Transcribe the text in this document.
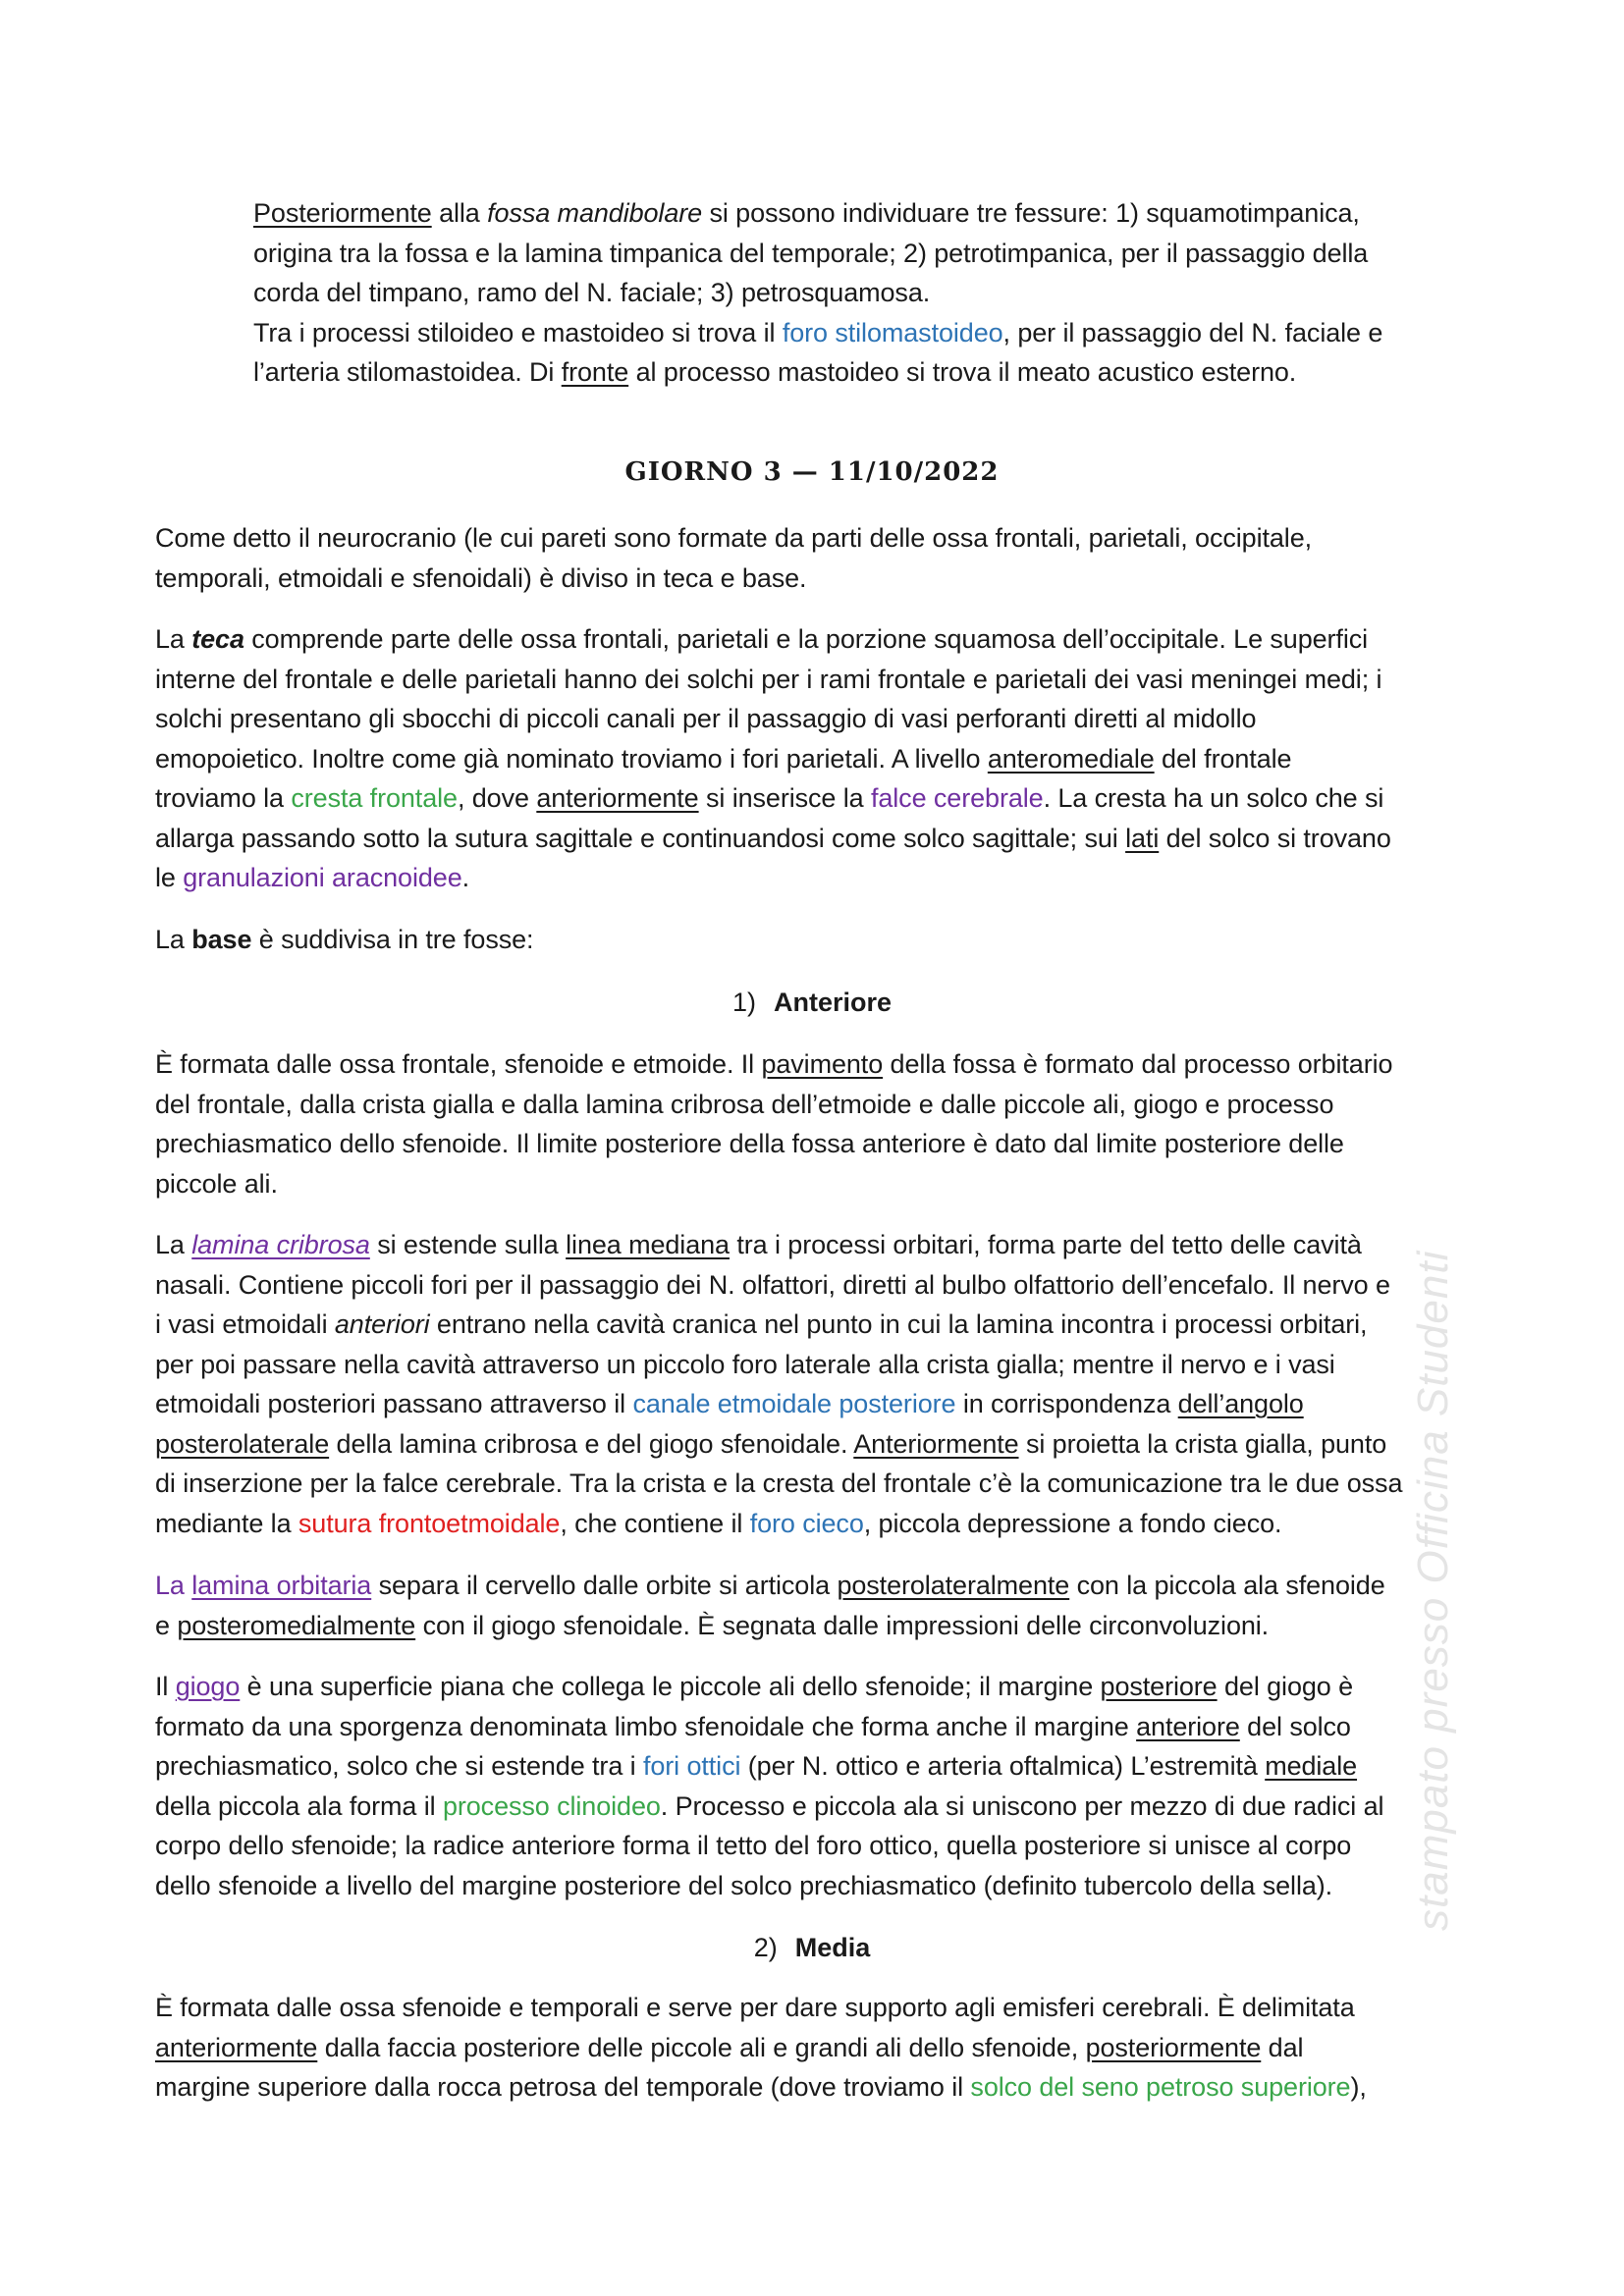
stampato presso Officina Studenti
Posteriormente alla fossa mandibolare si possono individuare tre fessure: 1) squamotimpanica,
origina tra la fossa e la lamina timpanica del temporale; 2) petrotimpanica, per il passaggio della
corda del timpano, ramo del N. faciale; 3) petrosquamosa.
Tra i processi stiloideo e mastoideo si trova il foro stilomastoideo, per il passaggio del N. faciale e
l’arteria stilomastoidea. Di fronte al processo mastoideo si trova il meato acustico esterno.
GIORNO 3 — 11/10/2022
Come detto il neurocranio (le cui pareti sono formate da parti delle ossa frontali, parietali, occipitale,
temporali, etmoidali e sfenoidali) è diviso in teca e base.
La teca comprende parte delle ossa frontali, parietali e la porzione squamosa dell’occipitale. Le superfici
interne del frontale e delle parietali hanno dei solchi per i rami frontale e parietali dei vasi meningei medi; i
solchi presentano gli sbocchi di piccoli canali per il passaggio di vasi perforanti diretti al midollo
emopoietico. Inoltre come già nominato troviamo i fori parietali. A livello anteromediale del frontale
troviamo la cresta frontale, dove anteriormente si inserisce la falce cerebrale. La cresta ha un solco che si
allarga passando sotto la sutura sagittale e continuandosi come solco sagittale; sui lati del solco si trovano
le granulazioni aracnoidee.
La base è suddivisa in tre fosse:
1) Anteriore
È formata dalle ossa frontale, sfenoide e etmoide. Il pavimento della fossa è formato dal processo orbitario
del frontale, dalla crista gialla e dalla lamina cribrosa dell’etmoide e dalle piccole ali, giogo e processo
prechiasmatico dello sfenoide. Il limite posteriore della fossa anteriore è dato dal limite posteriore delle
piccole ali.
La lamina cribrosa si estende sulla linea mediana tra i processi orbitari, forma parte del tetto delle cavità
nasali. Contiene piccoli fori per il passaggio dei N. olfattori, diretti al bulbo olfattorio dell’encefalo. Il nervo e
i vasi etmoidali anteriori entrano nella cavità cranica nel punto in cui la lamina incontra i processi orbitari,
per poi passare nella cavità attraverso un piccolo foro laterale alla crista gialla; mentre il nervo e i vasi
etmoidali posteriori passano attraverso il canale etmoidale posteriore in corrispondenza dell’angolo
posterolaterale della lamina cribrosa e del giogo sfenoidale. Anteriormente si proietta la crista gialla, punto
di inserzione per la falce cerebrale. Tra la crista e la cresta del frontale c’è la comunicazione tra le due ossa
mediante la sutura frontoetmoidale, che contiene il foro cieco, piccola depressione a fondo cieco.
La lamina orbitaria separa il cervello dalle orbite si articola posterolateralmente con la piccola ala sfenoide
e posteromedialmente con il giogo sfenoidale. È segnata dalle impressioni delle circonvoluzioni.
Il giogo è una superficie piana che collega le piccole ali dello sfenoide; il margine posteriore del giogo è
formato da una sporgenza denominata limbo sfenoidale che forma anche il margine anteriore del solco
prechiasmatico, solco che si estende tra i fori ottici (per N. ottico e arteria oftalmica) L’estremità mediale
della piccola ala forma il processo clinoideo. Processo e piccola ala si uniscono per mezzo di due radici al
corpo dello sfenoide; la radice anteriore forma il tetto del foro ottico, quella posteriore si unisce al corpo
dello sfenoide a livello del margine posteriore del solco prechiasmatico (definito tubercolo della sella).
2) Media
È formata dalle ossa sfenoide e temporali e serve per dare supporto agli emisferi cerebrali. È delimitata
anteriormente dalla faccia posteriore delle piccole ali e grandi ali dello sfenoide, posteriormente dal
margine superiore dalla rocca petrosa del temporale (dove troviamo il solco del seno petroso superiore),
